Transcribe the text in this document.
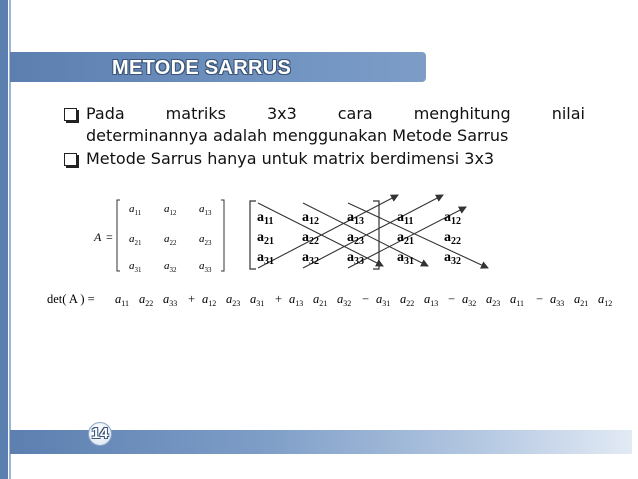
METODE SARRUS
Pada	matriks	3x3	cara	menghitung	nilai
determinannya adalah menggunakan Metode Sarrus
Metode Sarrus hanya untuk matrix berdimensi 3x3
A =
$a_{11}$ $a_{12}$ $a_{13}$
$a_{21}$ $a_{22}$ $a_{23}$
$a_{31}$ $a_{32}$ $a_{33}$
$a_{11}$ $a_{12}$ $a_{13}$ $a_{11}$ $a_{12}$
$a_{21}$ $a_{22}$ $a_{23}$ $a_{21}$ $a_{22}$
$a_{31}$ $a_{32}$ $a_{33}$ $a_{31}$ $a_{32}$
det( A ) = $a_{11}$ $a_{22}$ $a_{33} + a_{12}$ $a_{23}$ $a_{31} + a_{13}$ $a_{21}$ $a_{32} - a_{31}$ $a_{22}$ $a_{13} - a_{32}$ $a_{23}$ $a_{11} - a_{33}$ $a_{21}$ $a_{12}$
14
